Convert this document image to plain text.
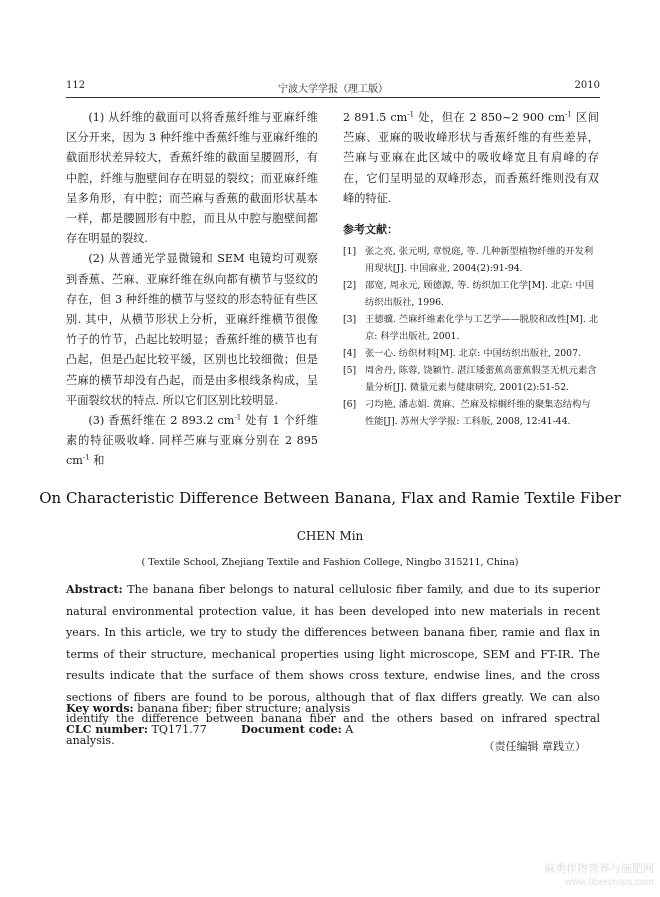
112	宁波大学学报（理工版）	2010

(1) 从纤维的截面可以将香蕉纤维与亚麻纤维区分开来，因为 3 种纤维中香蕉纤维与亚麻纤维的截面形状差异较大，香蕉纤维的截面呈腰圆形，有中腔，纤维与胞壁间存在明显的裂纹；而亚麻纤维呈多角形，有中腔；而苎麻与香蕉的截面形状基本一样，都是腰圆形有中腔，而且从中腔与胞壁间都存在明显的裂纹.

(2) 从普通光学显微镜和 SEM 电镜均可观察到香蕉、苎麻、亚麻纤维在纵向都有横节与竖纹的存在，但 3 种纤维的横节与竖纹的形态特征有些区别. 其中，从横节形状上分析，亚麻纤维横节很像竹子的竹节，凸起比较明显；香蕉纤维的横节也有凸起，但是凸起比较平缓，区别也比较细微；但是苎麻的横节却没有凸起，而是由多根线条构成，呈平面裂纹状的特点. 所以它们区别比较明显.

(3) 香蕉纤维在 2 893.2 $cm^{-1}$ 处有 1 个纤维素的特征吸收峰. 同样苎麻与亚麻分别在 2 895 $cm^{-1}$ 和

2 891.5 $cm^{-1}$ 处，但在 2 850~2 900 $cm^{-1}$ 区间苎麻、亚麻的吸收峰形状与香蕉纤维的有些差异，苎麻与亚麻在此区域中的吸收峰宽且有肩峰的存在，它们呈明显的双峰形态，而香蕉纤维则没有双峰的特征.

参考文献：
[1] 张之亮, 张元明, 章悦庭, 等. 几种新型植物纤维的开发利用现状[J]. 中国麻业, 2004(2):91-94.
[2] 邵宽, 周永元, 顾德源, 等. 纺织加工化学[M]. 北京: 中国纺织出版社, 1996.
[3] 王德骥. 苎麻纤维素化学与工艺学——脱胶和改性[M]. 北京: 科学出版社, 2001.
[4] 张一心. 纺织材料[M]. 北京: 中国纺织出版社, 2007.
[5] 周舍丹, 陈蓉, 饶颖竹. 湛江矮蕾蕉高蕾蕉假茎无机元素含量分析[J]. 微量元素与健康研究, 2001(2):51-52.
[6] 刁均艳, 潘志娟. 黄麻、苎麻及棕榈纤维的聚集态结构与性能[J]. 苏州大学学报: 工科版, 2008, 12:41-44.
On Characteristic Difference Between Banana, Flax and Ramie Textile Fiber
CHEN Min
( Textile School, Zhejiang Textile and Fashion College, Ningbo 315211, China)
Abstract: The banana fiber belongs to natural cellulosic fiber family, and due to its superior natural environmental protection value, it has been developed into new materials in recent years. In this article, we try to study the differences between banana fiber, ramie and flax in terms of their structure, mechanical properties using light microscope, SEM and FT-IR. The results indicate that the surface of them shows cross texture, endwise lines, and the cross sections of fibers are found to be porous, although that of flax differs greatly. We can also identify the difference between banana fiber and the others based on infrared spectral analysis.
Key words: banana fiber; fiber structure; analysis
CLC number: TQ171.77	Document code: A
（责任编辑 章践立）
麻类作物营养与施肥网
www.fibercrops.com
